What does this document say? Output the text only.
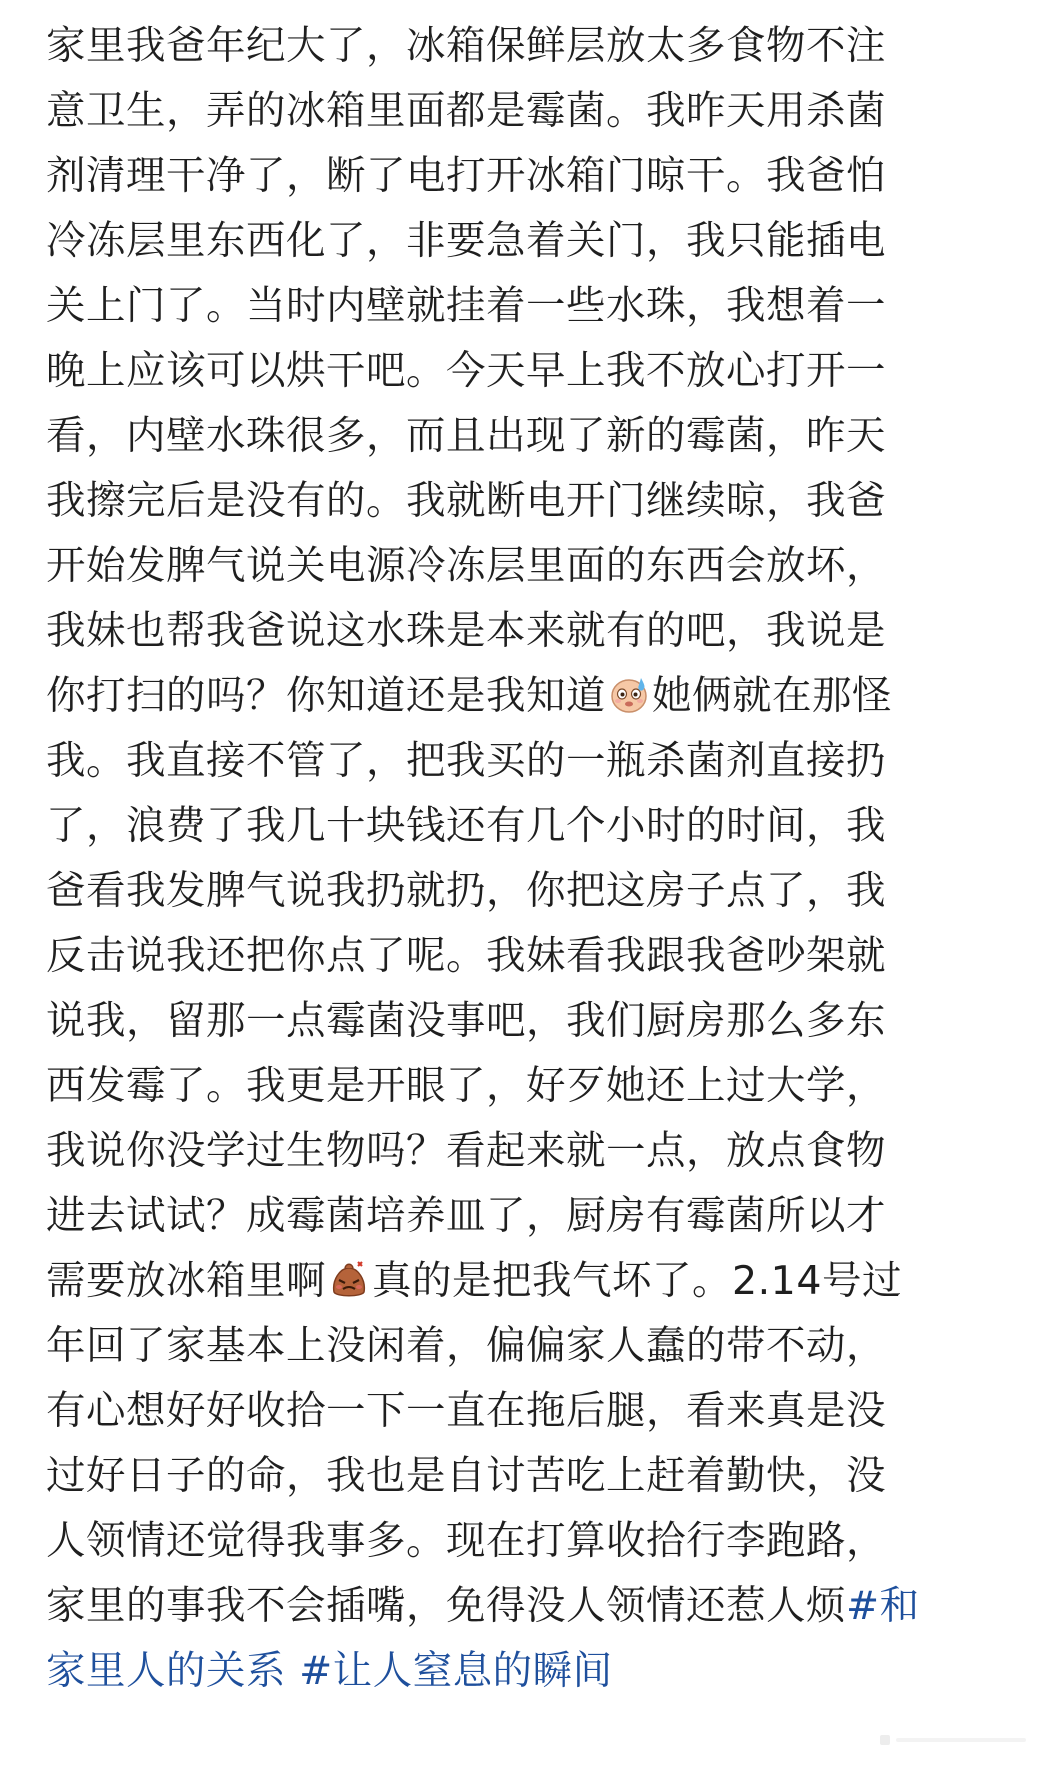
家里我爸年纪大了，冰箱保鲜层放太多食物不注
意卫生，弄的冰箱里面都是霉菌。我昨天用杀菌
剂清理干净了，断了电打开冰箱门晾干。我爸怕
冷冻层里东西化了，非要急着关门，我只能插电
关上门了。当时内壁就挂着一些水珠，我想着一
晚上应该可以烘干吧。今天早上我不放心打开一
看，内壁水珠很多，而且出现了新的霉菌，昨天
我擦完后是没有的。我就断电开门继续晾，我爸
开始发脾气说关电源冷冻层里面的东西会放坏，
我妹也帮我爸说这水珠是本来就有的吧，我说是
你打扫的吗？你知道还是我知道 她俩就在那怪
我。我直接不管了，把我买的一瓶杀菌剂直接扔
了，浪费了我几十块钱还有几个小时的时间，我
爸看我发脾气说我扔就扔，你把这房子点了，我
反击说我还把你点了呢。我妹看我跟我爸吵架就
说我，留那一点霉菌没事吧，我们厨房那么多东
西发霉了。我更是开眼了，好歹她还上过大学，
我说你没学过生物吗？看起来就一点，放点食物
进去试试？成霉菌培养皿了，厨房有霉菌所以才
需要放冰箱里啊 真的是把我气坏了。2.14号过
年回了家基本上没闲着，偏偏家人蠢的带不动，
有心想好好收拾一下一直在拖后腿，看来真是没
过好日子的命，我也是自讨苦吃上赶着勤快，没
人领情还觉得我事多。现在打算收拾行李跑路，
家里的事我不会插嘴，免得没人领情还惹人烦#和
家里人的关系 #让人窒息的瞬间
